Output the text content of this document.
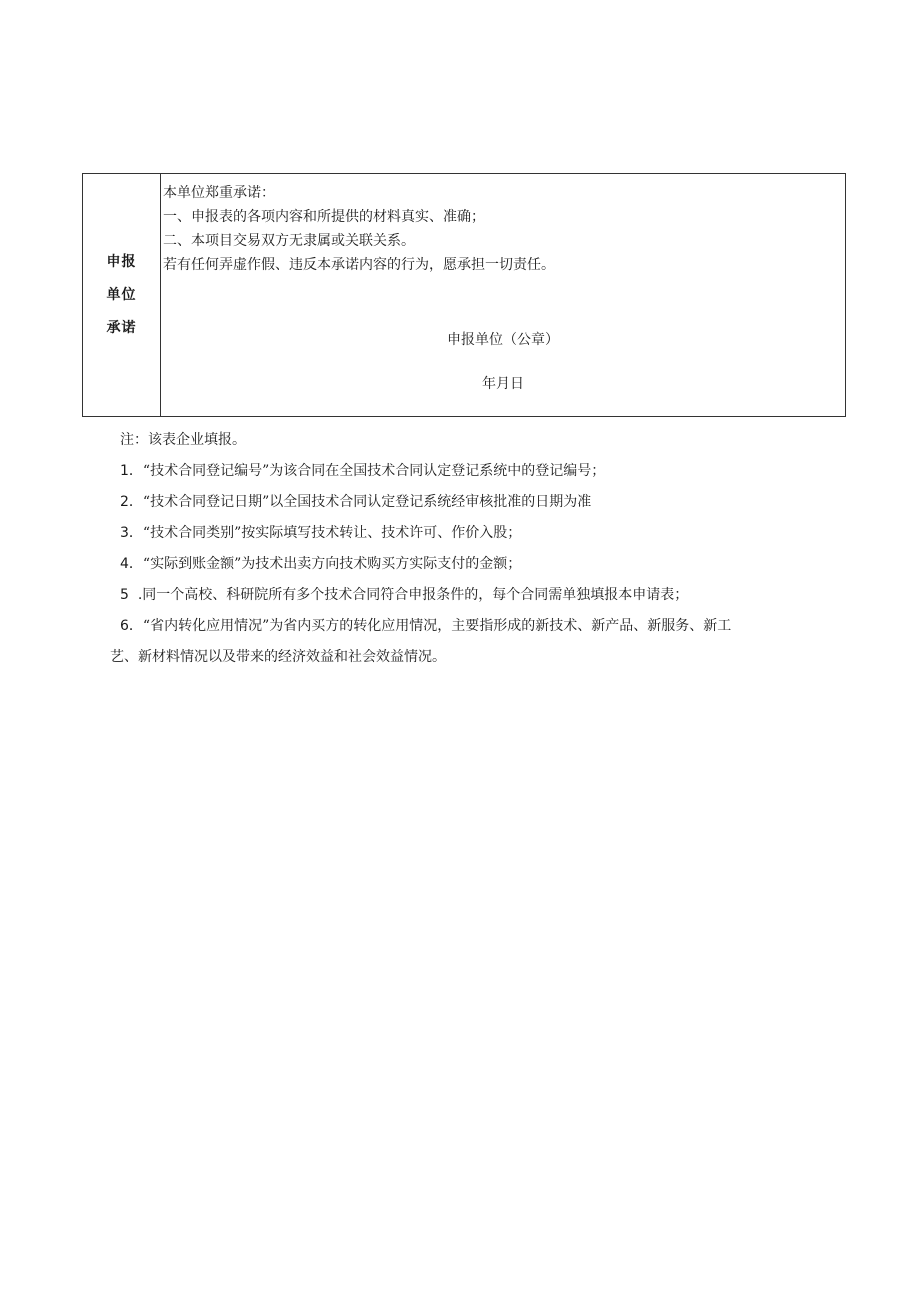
申报
单位
承诺

本单位郑重承诺：
一、申报表的各项内容和所提供的材料真实、准确；
二、本项目交易双方无隶属或关联关系。
若有任何弄虚作假、违反本承诺内容的行为，愿承担一切责任。
申报单位（公章）
年月日
注：该表企业填报。
1．“技术合同登记编号”为该合同在全国技术合同认定登记系统中的登记编号；
2．“技术合同登记日期”以全国技术合同认定登记系统经审核批准的日期为准
3．“技术合同类别”按实际填写技术转让、技术许可、作价入股；
4．“实际到账金额”为技术出卖方向技术购买方实际支付的金额；
5  .同一个高校、科研院所有多个技术合同符合申报条件的，每个合同需单独填报本申请表；
6．“省内转化应用情况”为省内买方的转化应用情况，主要指形成的新技术、新产品、新服务、新工
艺、新材料情况以及带来的经济效益和社会效益情况。
